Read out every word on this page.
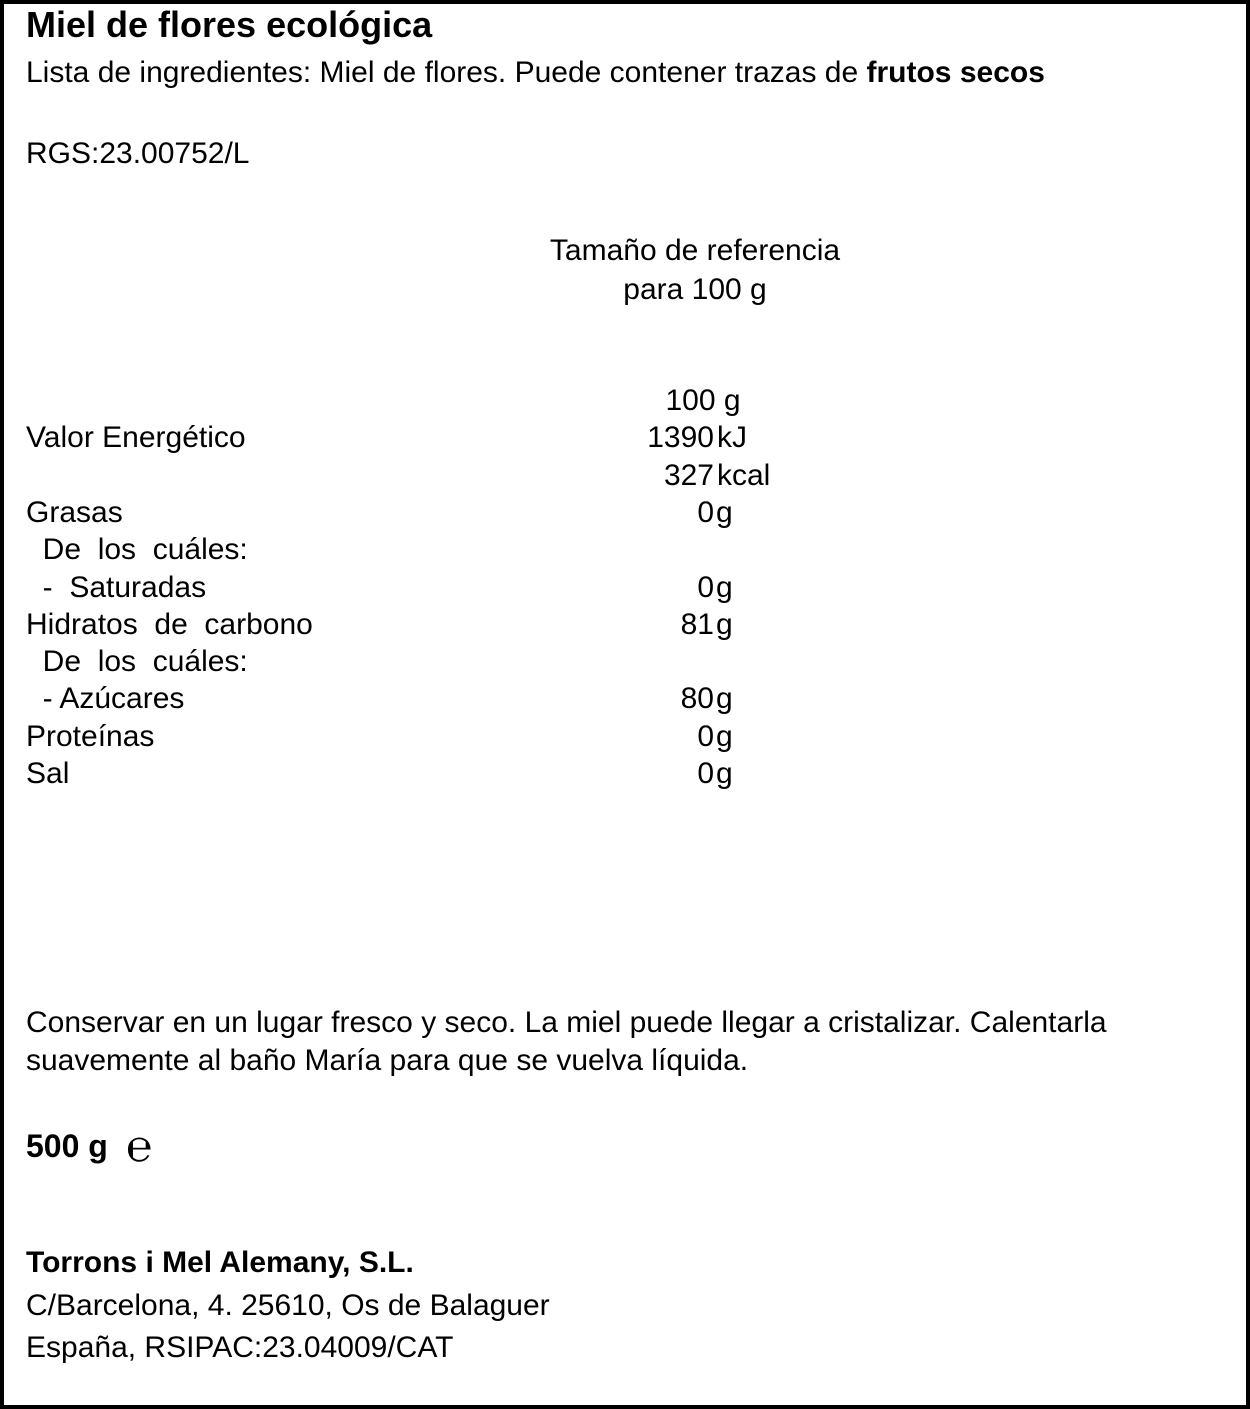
Miel de flores ecológica
Lista de ingredientes: Miel de flores. Puede contener trazas de frutos secos
RGS:23.00752/L
Tamaño de referencia
para 100 g
100 g
Valor Energético	1390 kJ
327 kcal
Grasas	0 g
De  los  cuáles:
-  Saturadas	0 g
Hidratos  de  carbono	81 g
De  los  cuáles:
- Azúcares	80 g
Proteínas	0 g
Sal	0 g
Conservar en un lugar fresco y seco. La miel puede llegar a cristalizar. Calentarla
suavemente al baño María para que se vuelva líquida.
500 g ℮
Torrons i Mel Alemany, S.L.
C/Barcelona, 4. 25610, Os de Balaguer
España, RSIPAC:23.04009/CAT
